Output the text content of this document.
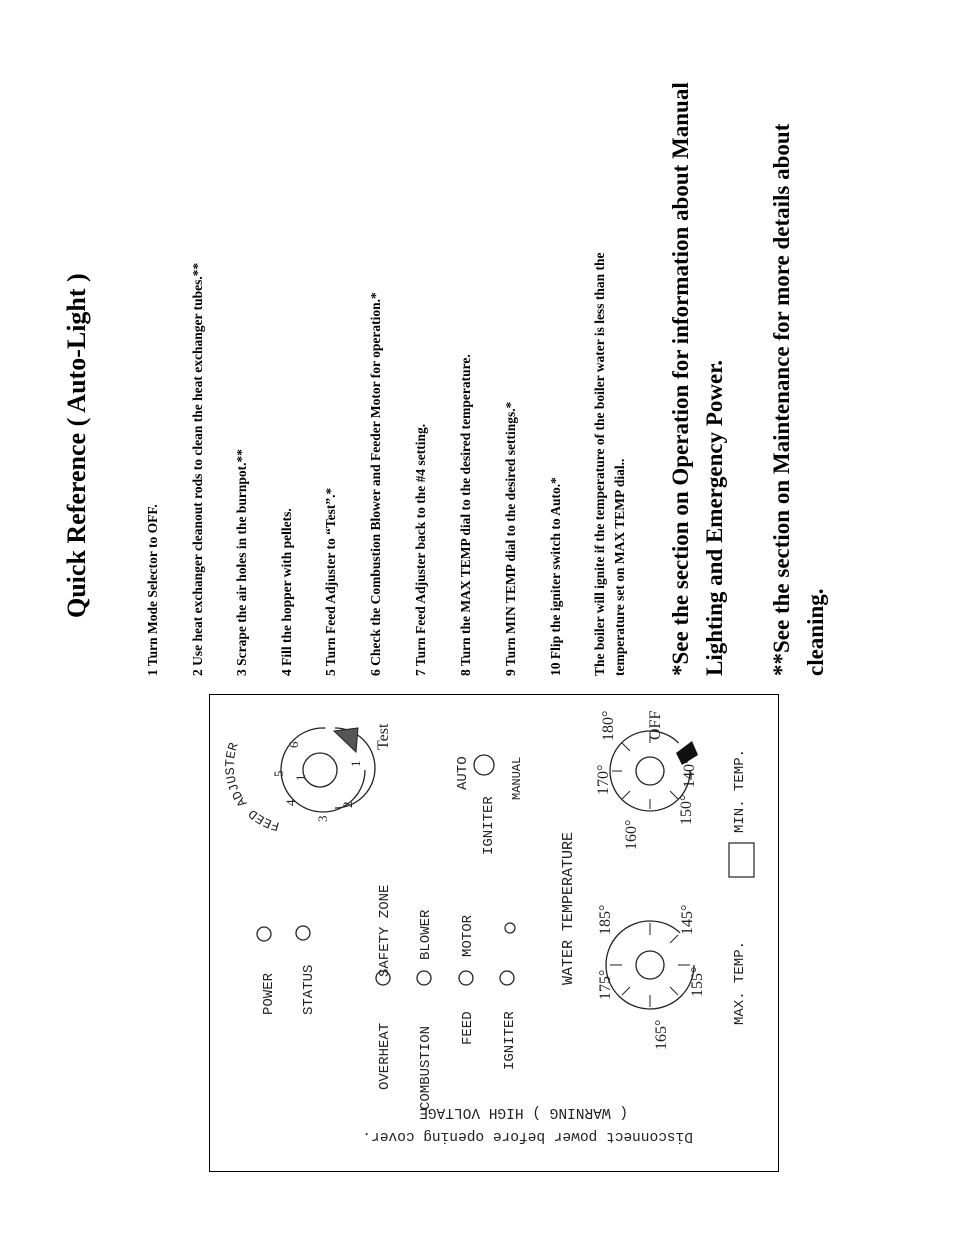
Quick Reference ( Auto-Light )	1 Turn Mode Selector to OFF. 2 Use heat exchanger cleanout rods to clean the heat exchanger tubes.** 3 Scrape the air holes in the burnpot.** 4 Fill the hopper with pellets. 5 Turn Feed Adjuster to “Test”.* 6 Check the Combustion Blower and Feeder Motor for operation.* 7 Turn Feed Adjuster back to the #4 setting. 8 Turn the MAX TEMP dial to the desired temperature. 9 Turn MIN TEMP dial to the desired settings.* 10 Flip the igniter switch to Auto.* The boiler will ignite if the temperature of the boiler water is less than the temperature set on MAX TEMP dial.. *See the section on Operation for information about Manual Lighting and Emergency Power. **See the section on Maintenance for more details about cleaning.
POWER STATUS
OVERHEAT
SAFETY ZONE
COMBUSTION
BLOWER
FEED
MOTOR
IGNITER
AUTO
IGNITER
MANUAL
WATER TEMPERATURE
Test
MAX. TEMP.
MIN. TEMP.
165°
175°
185°	145°
155°
160°
170°
180°
140°
150°
OFF
3
4
5
6
1
2
1
FEED ADJUSTER
Disconnect power before opening cover.
( WARNING ) HIGH VOLTAGE
